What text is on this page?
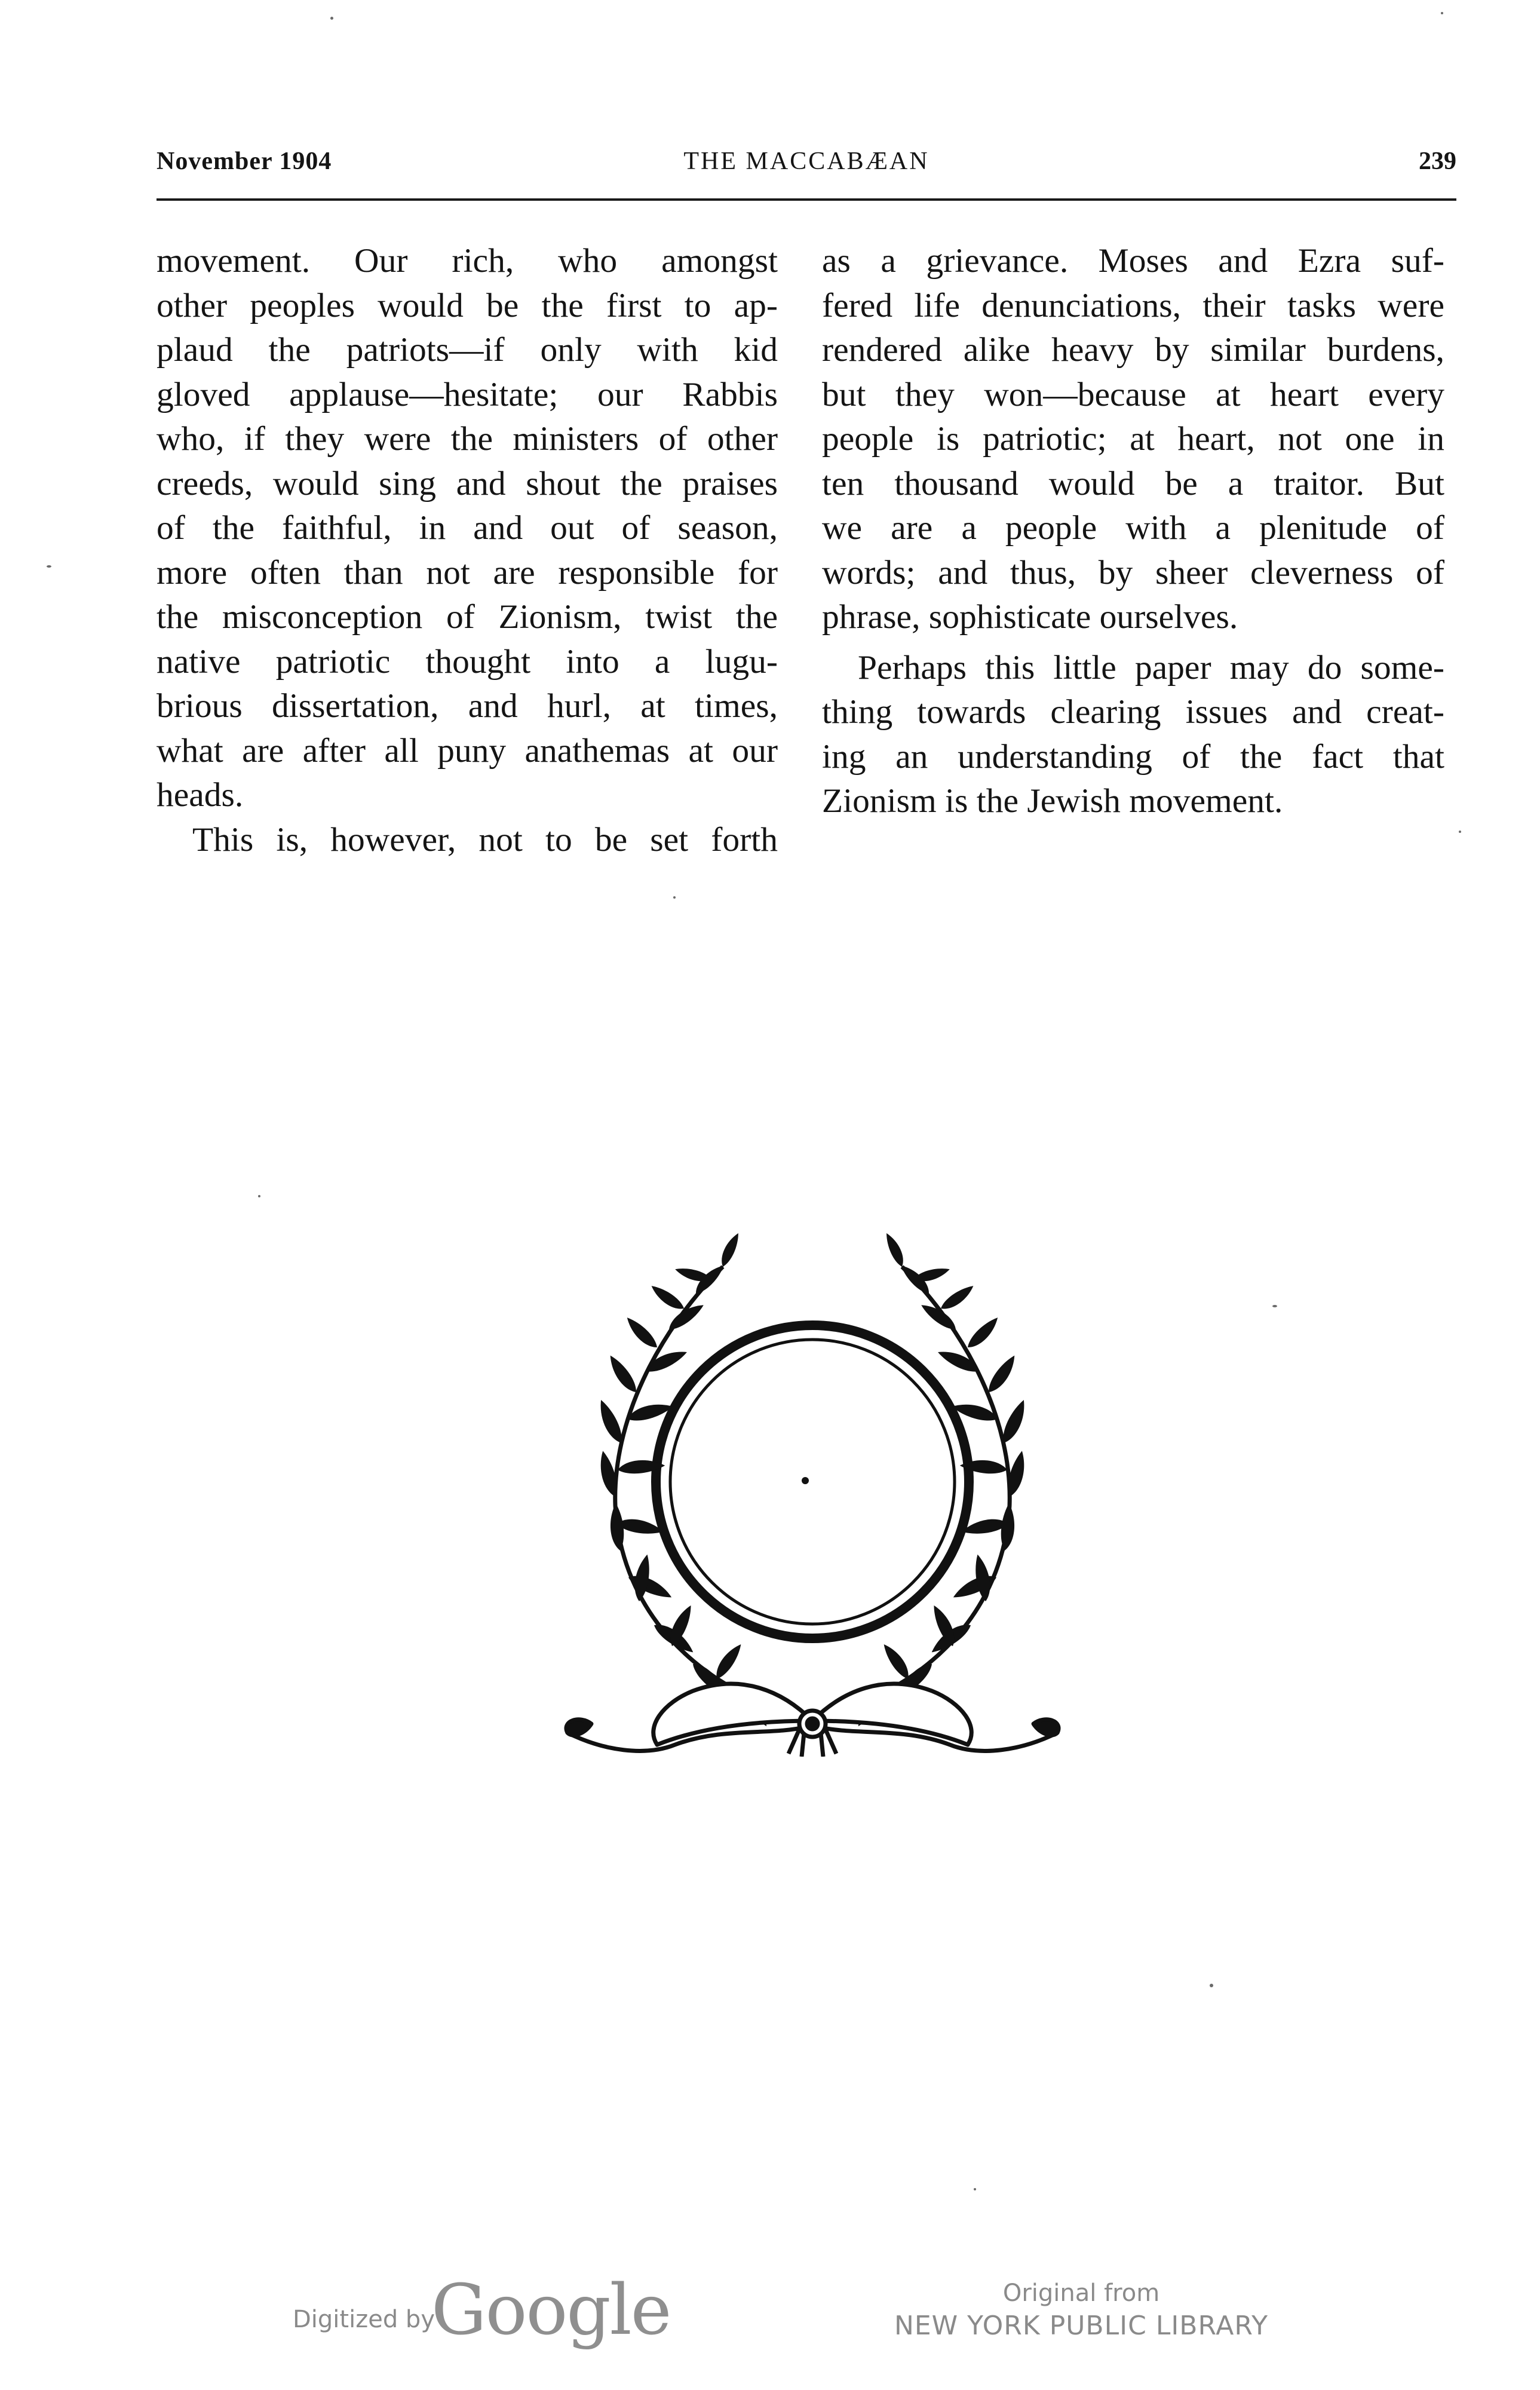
November 1904	THE MACCABÆAN	239

movement. Our rich, who amongst

other peoples would be the first to ap-

plaud the patriots—if only with kid

gloved applause—hesitate; our Rabbis

who, if they were the ministers of other

creeds, would sing and shout the praises

of the faithful, in and out of season,

more often than not are responsible for

the misconception of Zionism, twist the

native patriotic thought into a lugu-

brious dissertation, and hurl, at times,

what are after all puny anathemas at our

heads.

This is, however, not to be set forth

as a grievance. Moses and Ezra suf-

fered life denunciations, their tasks were

rendered alike heavy by similar burdens,

but they won—because at heart every

people is patriotic; at heart, not one in

ten thousand would be a traitor. But

we are a people with a plenitude of

words; and thus, by sheer cleverness of

phrase, sophisticate ourselves.

Perhaps this little paper may do some-

thing towards clearing issues and creat-

ing an understanding of the fact that

Zionism is the Jewish movement.

Digitized by
Google	Original from
NEW YORK PUBLIC LIBRARY
